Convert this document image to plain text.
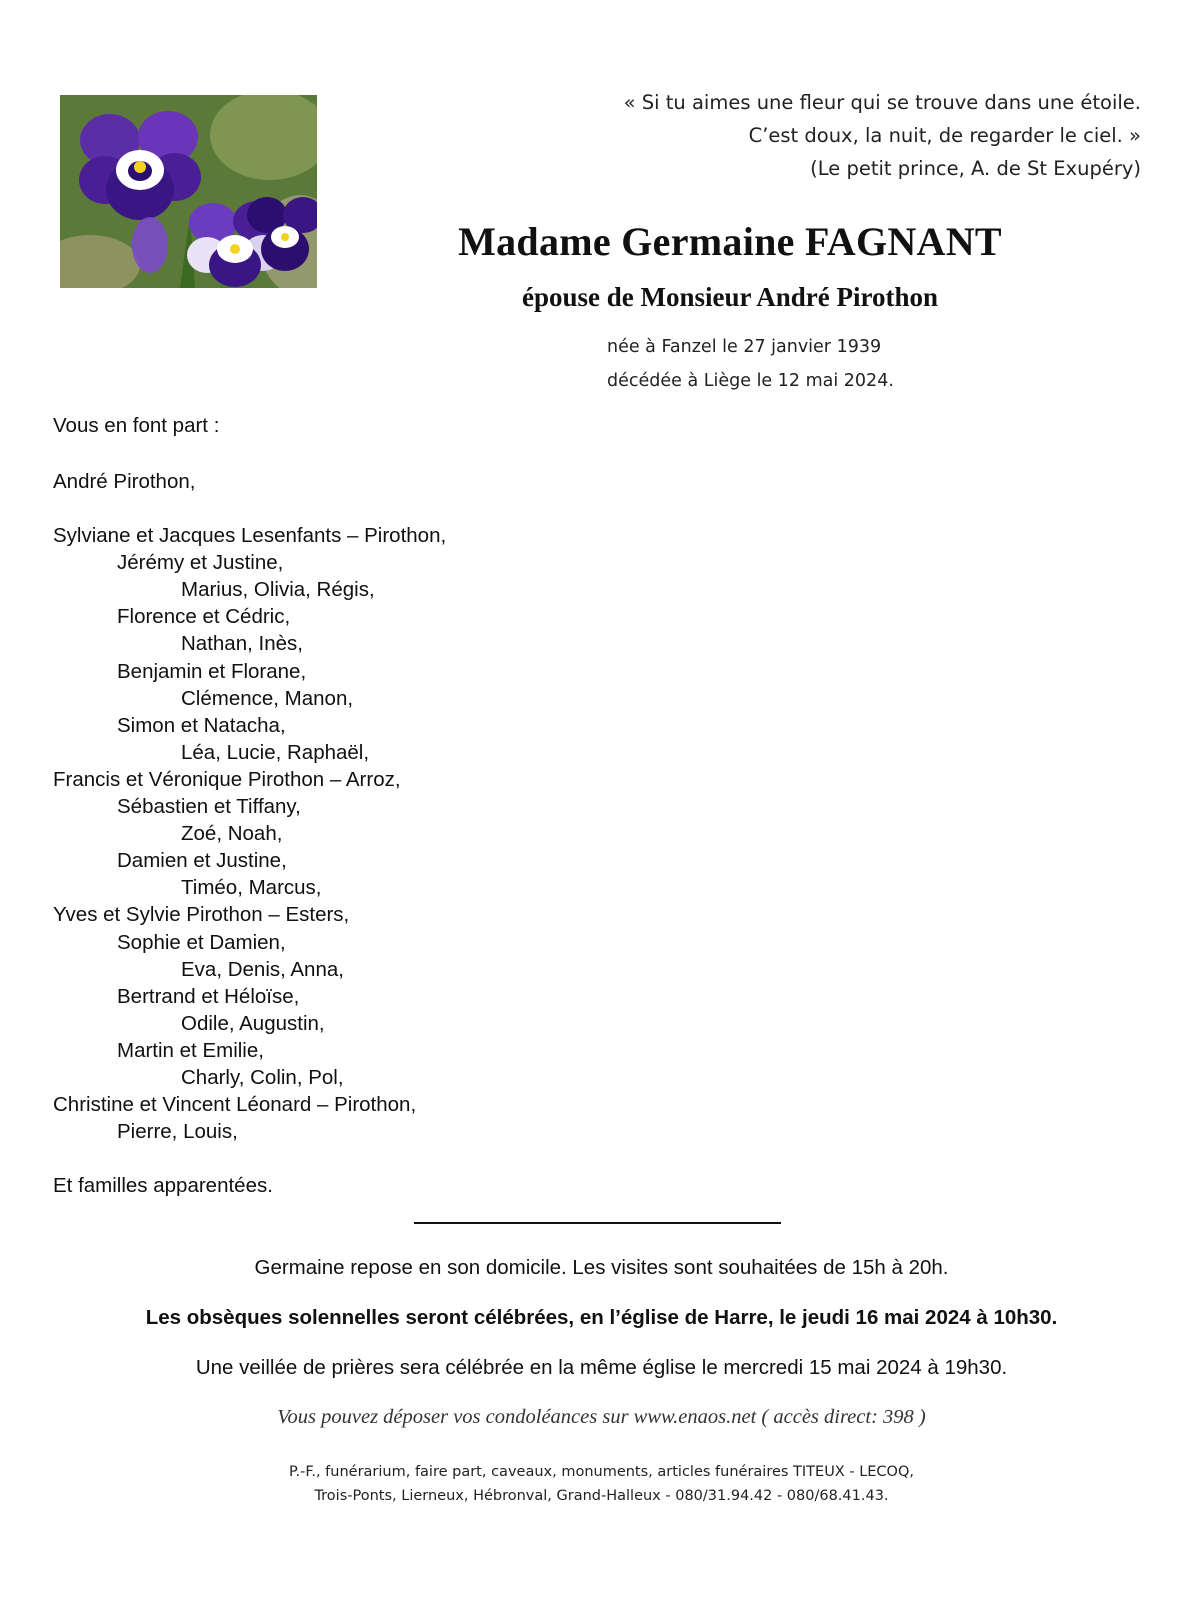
« Si tu aimes une fleur qui se trouve dans une étoile.
C’est doux, la nuit, de regarder le ciel. »
(Le petit prince, A. de St Exupéry)
Madame Germaine FAGNANT
épouse de Monsieur André Pirothon
née à Fanzel le 27 janvier 1939
décédée à Liège le 12 mai 2024.
Vous en font part :
André Pirothon,
Sylviane et Jacques Lesenfants – Pirothon,
Jérémy et Justine,
Marius, Olivia, Régis,
Florence et Cédric,
Nathan, Inès,
Benjamin et Florane,
Clémence, Manon,
Simon et Natacha,
Léa, Lucie, Raphaël,
Francis et Véronique Pirothon – Arroz,
Sébastien et Tiffany,
Zoé, Noah,
Damien et Justine,
Timéo, Marcus,
Yves et Sylvie Pirothon – Esters,
Sophie et Damien,
Eva, Denis, Anna,
Bertrand et Héloïse,
Odile, Augustin,
Martin et Emilie,
Charly, Colin, Pol,
Christine et Vincent Léonard – Pirothon,
Pierre, Louis,
Et familles apparentées.
Germaine repose en son domicile. Les visites sont souhaitées de 15h à 20h.
Les obsèques solennelles seront célébrées, en l’église de Harre, le jeudi 16 mai 2024 à 10h30.
Une veillée de prières sera célébrée en la même église le mercredi 15 mai 2024 à 19h30.
Vous pouvez déposer vos condoléances sur www.enaos.net ( accès direct: 398 )
P.-F., funérarium, faire part, caveaux, monuments, articles funéraires TITEUX - LECOQ,
Trois-Ponts, Lierneux, Hébronval, Grand-Halleux - 080/31.94.42 - 080/68.41.43.
